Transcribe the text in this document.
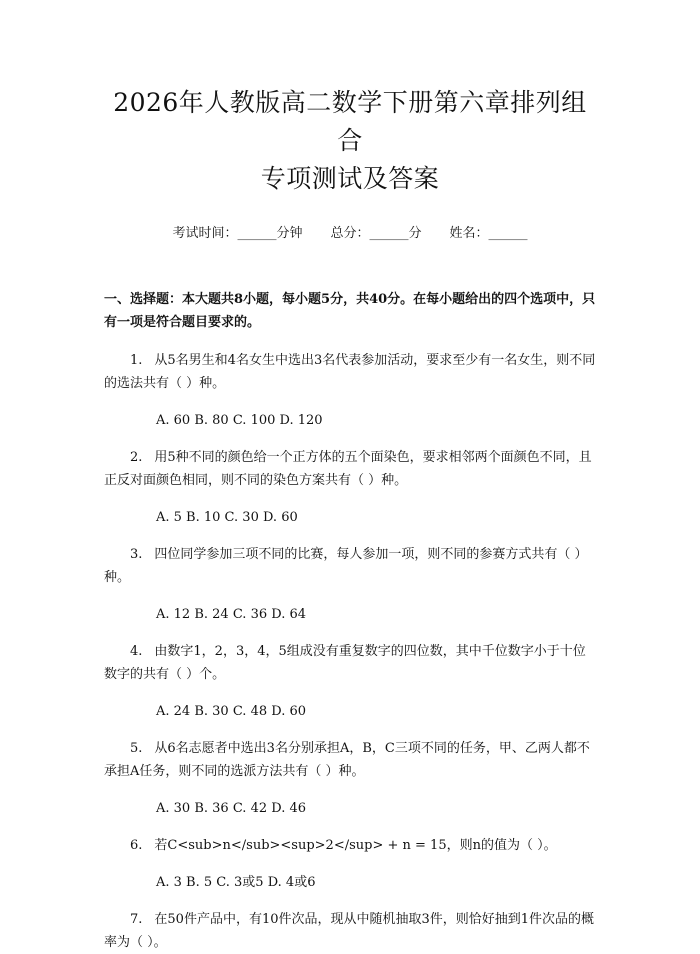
2026年人教版高二数学下册第六章排列组合
专项测试及答案
考试时间：______分钟 总分：______分 姓名：______
一、选择题：本大题共8小题，每小题5分，共40分。在每小题给出的四个选项中，只有一项是符合题目要求的。
1. 从5名男生和4名女生中选出3名代表参加活动，要求至少有一名女生，则不同的选法共有（ ）种。
A. 60 B. 80 C. 100 D. 120
2. 用5种不同的颜色给一个正方体的五个面染色，要求相邻两个面颜色不同，且正反对面颜色相同，则不同的染色方案共有（ ）种。
A. 5 B. 10 C. 30 D. 60
3. 四位同学参加三项不同的比赛，每人参加一项，则不同的参赛方式共有（ ）种。
A. 12 B. 24 C. 36 D. 64
4. 由数字1，2，3，4，5组成没有重复数字的四位数，其中千位数字小于十位数字的共有（ ）个。
A. 24 B. 30 C. 48 D. 60
5. 从6名志愿者中选出3名分别承担A，B，C三项不同的任务，甲、乙两人都不承担A任务，则不同的选派方法共有（ ）种。
A. 30 B. 36 C. 42 D. 46
6. 若C<sub>n</sub><sup>2</sup> + n = 15，则n的值为（ ）。
A. 3 B. 5 C. 3或5 D. 4或6
7. 在50件产品中，有10件次品，现从中随机抽取3件，则恰好抽到1件次品的概率为（ ）。
